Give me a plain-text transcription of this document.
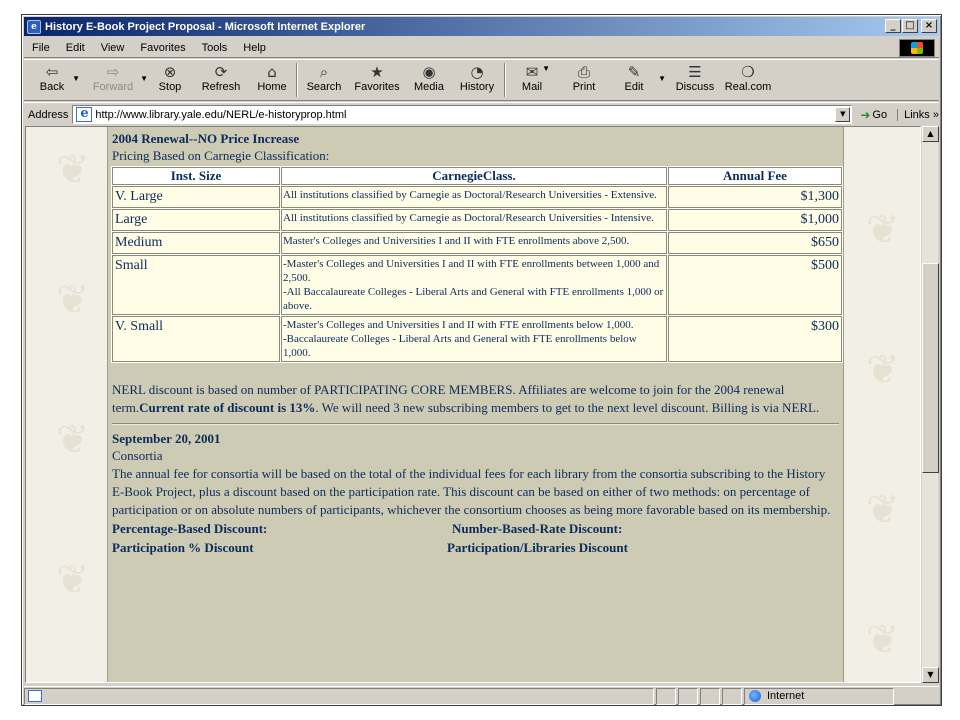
e History E-Book Project Proposal - Microsoft Internet Explorer	_ □	×
File	Edit	View	Favorites	Tools	Help
⇦
Back
▼ ⇨
Forward
▼ ⊗
Stop
⟳
Refresh
⌂
Home
⌕
Search
★
Favorites
◉
Media
◔
History
✉
Mail
▼ ⎙
Print
✎
Edit
▼ ☰
Discuss
❍
Real.com
Address e	http://www.library.yale.edu/NERL/e-historyprop.html	▼	➜ Go	Links »
❦
❦
❦
❦
❦
❦
❦
❦
2004 Renewal--NO Price Increase
Pricing Based on Carnegie Classification:
Inst. Size	CarnegieClass.	Annual Fee
V. Large	All institutions classified by Carnegie as Doctoral/Research Universities - Extensive.	$1,300
Large	All institutions classified by Carnegie as Doctoral/Research Universities - Intensive.	$1,000
Medium	Master's Colleges and Universities I and II with FTE enrollments above 2,500.	$650
Small	-Master's Colleges and Universities I and II with FTE enrollments between 1,000 and 2,500.
-All Baccalaureate Colleges - Liberal Arts and General with FTE enrollments 1,000 or above.	$500
V. Small	-Master's Colleges and Universities I and II with FTE enrollments below 1,000.
-Baccalaureate Colleges - Liberal Arts and General with FTE enrollments below 1,000.	$300
NERL discount is based on number of PARTICIPATING CORE MEMBERS. Affiliates are welcome to join for the 2004 renewal term.Current rate of discount is 13%. We will need 3 new subscribing members to get to the next level discount. Billing is via NERL.
September 20, 2001
Consortia
The annual fee for consortia will be based on the total of the individual fees for each library from the consortia subscribing to the History E-Book Project, plus a discount based on the participation rate. This discount can be based on either of two methods: on percentage of participation or on absolute numbers of participants, whichever the consortium chooses as being more favorable based on its membership.
Percentage-Based Discount:
Participation % Discount
Number-Based-Rate Discount:
Participation/Libraries Discount
▲
▼
Internet
